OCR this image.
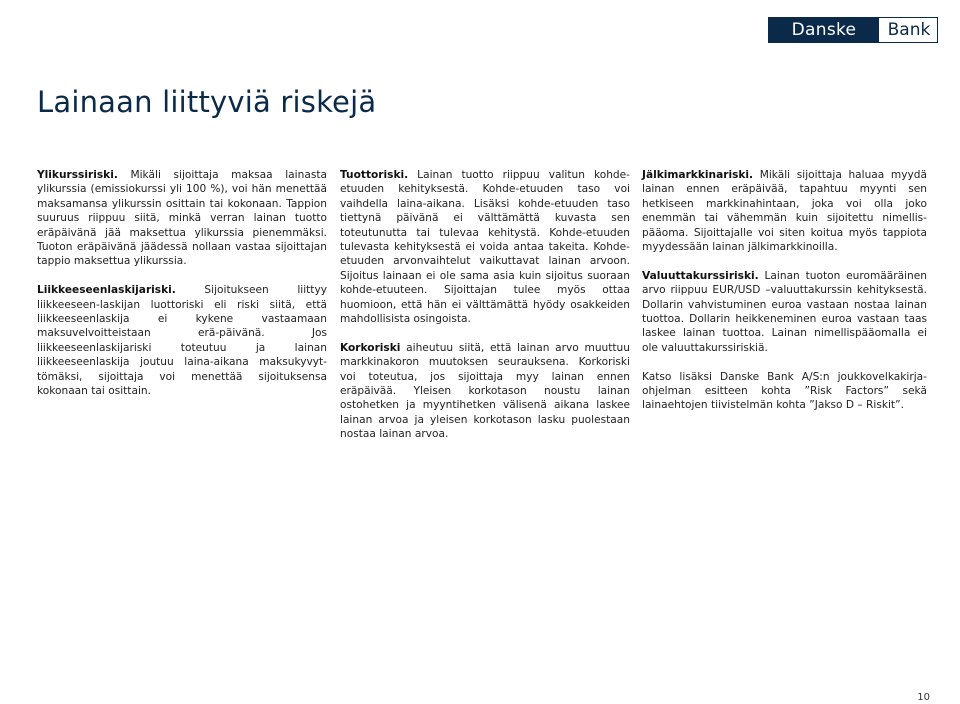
Danske	Bank
Lainaan liittyviä riskejä

Ylikurssiriski. Mikäli sijoittaja maksaa lainasta ylikurssia (emissiokurssi yli 100 %), voi hän menettää maksamansa ylikurssin osittain tai kokonaan. Tappion suuruus riippuu siitä, minkä verran lainan tuotto eräpäivänä jää maksettua ylikurssia pienemmäksi. Tuoton eräpäivänä jäädessä nollaan vastaa sijoittajan tappio maksettua ylikurssia.

Liikkeeseenlaskijariski. Sijoitukseen liittyy liikkeeseen-laskijan luottoriski eli riski siitä, että liikkeeseenlaskija ei kykene vastaamaan maksuvelvoitteistaan erä-päivänä. Jos liikkeeseenlaskijariski toteutuu ja lainan liikkeeseenlaskija joutuu laina-aikana maksukyvyt-tömäksi, sijoittaja voi menettää sijoituksensa kokonaan tai osittain.

Tuottoriski. Lainan tuotto riippuu valitun kohde-etuuden kehityksestä. Kohde-etuuden taso voi vaihdella laina-aikana. Lisäksi kohde-etuuden taso tiettynä päivänä ei välttämättä kuvasta sen toteutunutta tai tulevaa kehitystä. Kohde-etuuden tulevasta kehityksestä ei voida antaa takeita. Kohde-etuuden arvonvaihtelut vaikuttavat lainan arvoon. Sijoitus lainaan ei ole sama asia kuin sijoitus suoraan kohde-etuuteen. Sijoittajan tulee myös ottaa huomioon, että hän ei välttämättä hyödy osakkeiden mahdollisista osingoista.

Korkoriski aiheutuu siitä, että lainan arvo muuttuu markkinakoron muutoksen seurauksena. Korkoriski voi toteutua, jos sijoittaja myy lainan ennen eräpäivää. Yleisen korkotason noustu lainan ostohetken ja myyntihetken välisenä aikana laskee lainan arvoa ja yleisen korkotason lasku puolestaan nostaa lainan arvoa.

Jälkimarkkinariski. Mikäli sijoittaja haluaa myydä lainan ennen eräpäivää, tapahtuu myynti sen hetkiseen markkinahintaan, joka voi olla joko enemmän tai vähemmän kuin sijoitettu nimellis-pääoma. Sijoittajalle voi siten koitua myös tappiota myydessään lainan jälkimarkkinoilla.

Valuuttakurssiriski. Lainan tuoton euromääräinen arvo riippuu EUR/USD –valuuttakurssin kehityksestä. Dollarin vahvistuminen euroa vastaan nostaa lainan tuottoa. Dollarin heikkeneminen euroa vastaan taas laskee lainan tuottoa. Lainan nimellispääomalla ei ole valuuttakurssiriskiä.

Katso lisäksi Danske Bank A/S:n joukkovelkakirja-ohjelman esitteen kohta ”Risk Factors” sekä lainaehtojen tiivistelmän kohta ”Jakso D – Riskit”.

10
